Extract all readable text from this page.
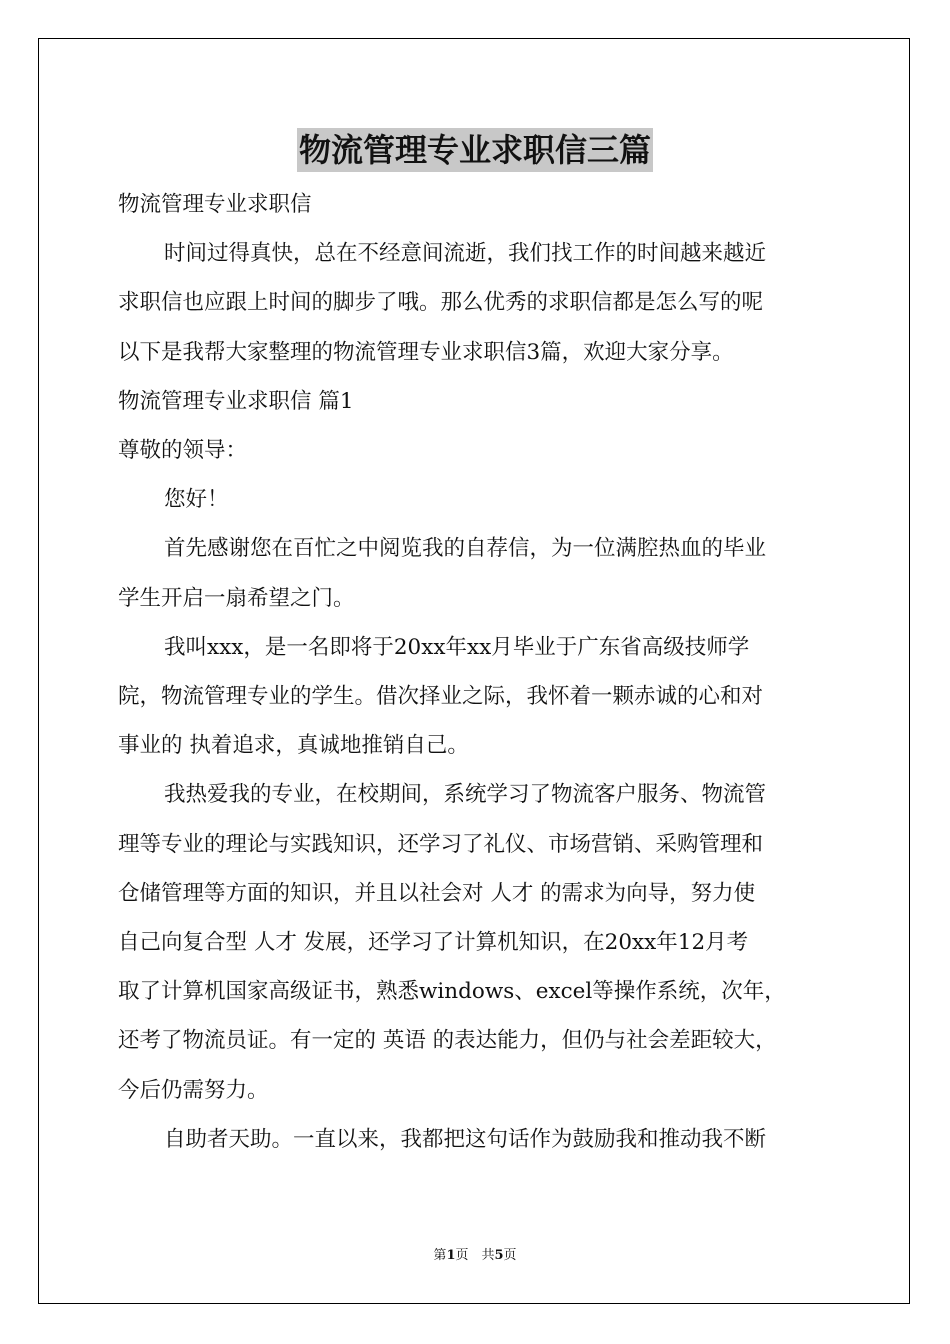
物流管理专业求职信三篇
物流管理专业求职信
时间过得真快，总在不经意间流逝，我们找工作的时间越来越近
求职信也应跟上时间的脚步了哦。那么优秀的求职信都是怎么写的呢
以下是我帮大家整理的物流管理专业求职信3篇，欢迎大家分享。
物流管理专业求职信 篇1
尊敬的领导：
您好！
首先感谢您在百忙之中阅览我的自荐信，为一位满腔热血的毕业
学生开启一扇希望之门。
我叫xxx，是一名即将于20xx年xx月毕业于广东省高级技师学
院，物流管理专业的学生。借次择业之际，我怀着一颗赤诚的心和对
事业的 执着追求，真诚地推销自己。
我热爱我的专业，在校期间，系统学习了物流客户服务、物流管
理等专业的理论与实践知识，还学习了礼仪、市场营销、采购管理和
仓储管理等方面的知识，并且以社会对 人才 的需求为向导，努力使
自己向复合型 人才 发展，还学习了计算机知识，在20xx年12月考
取了计算机国家高级证书，熟悉windows、excel等操作系统，次年，
还考了物流员证。有一定的 英语 的表达能力，但仍与社会差距较大，
今后仍需努力。
自助者天助。一直以来，我都把这句话作为鼓励我和推动我不断
第1页　共5页
